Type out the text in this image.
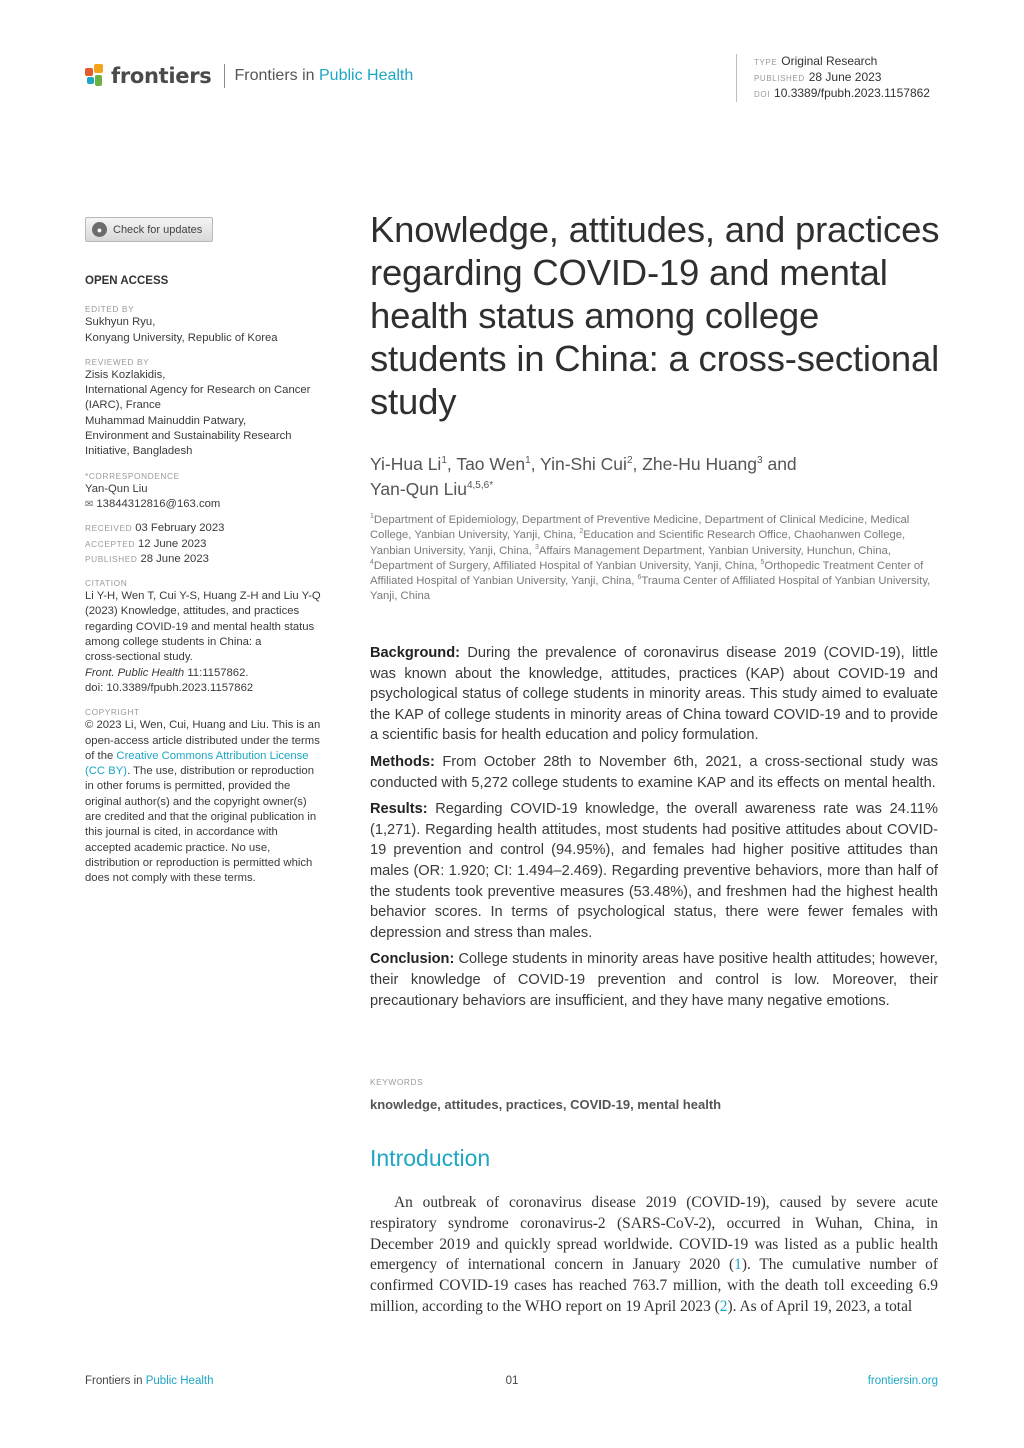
frontiers Frontiers in Public Health
TYPE Original Research
PUBLISHED 28 June 2023
DOI 10.3389/fpubh.2023.1157862
● Check for updates
OPEN ACCESS
EDITED BY
Sukhyun Ryu,
Konyang University, Republic of Korea
REVIEWED BY
Zisis Kozlakidis,
International Agency for Research on Cancer
(IARC), France
Muhammad Mainuddin Patwary,
Environment and Sustainability Research
Initiative, Bangladesh
*CORRESPONDENCE
Yan-Qun Liu
✉ 13844312816@163.com
RECEIVED 03 February 2023
ACCEPTED 12 June 2023
PUBLISHED 28 June 2023
CITATION
Li Y-H, Wen T, Cui Y-S, Huang Z-H and Liu Y-Q
(2023) Knowledge, attitudes, and practices
regarding COVID-19 and mental health status
among college students in China: a
cross-sectional study.
Front. Public Health 11:1157862.
doi: 10.3389/fpubh.2023.1157862
COPYRIGHT
© 2023 Li, Wen, Cui, Huang and Liu. This is an
open-access article distributed under the terms
of the Creative Commons Attribution License
(CC BY). The use, distribution or reproduction
in other forums is permitted, provided the
original author(s) and the copyright owner(s)
are credited and that the original publication in
this journal is cited, in accordance with
accepted academic practice. No use,
distribution or reproduction is permitted which
does not comply with these terms.
Knowledge, attitudes, and practices regarding COVID-19 and mental health status among college students in China: a cross-sectional study
Yi-Hua Li$^1$, Tao Wen$^1$, Yin-Shi Cui$^2$, Zhe-Hu Huang$^3$ and
Yan-Qun Liu$^{4,5,6*}$
$^1$Department of Epidemiology, Department of Preventive Medicine, Department of Clinical Medicine, Medical College, Yanbian University, Yanji, China, $^2$Education and Scientific Research Office, Chaohanwen College, Yanbian University, Yanji, China, $^3$Affairs Management Department, Yanbian University, Hunchun, China, $^4$Department of Surgery, Affiliated Hospital of Yanbian University, Yanji, China, $^5$Orthopedic Treatment Center of Affiliated Hospital of Yanbian University, Yanji, China, $^6$Trauma Center of Affiliated Hospital of Yanbian University, Yanji, China

Background: During the prevalence of coronavirus disease 2019 (COVID-19), little was known about the knowledge, attitudes, practices (KAP) about COVID-19 and psychological status of college students in minority areas. This study aimed to evaluate the KAP of college students in minority areas of China toward COVID-19 and to provide a scientific basis for health education and policy formulation.

Methods: From October 28th to November 6th, 2021, a cross-sectional study was conducted with 5,272 college students to examine KAP and its effects on mental health.

Results: Regarding COVID-19 knowledge, the overall awareness rate was 24.11% (1,271). Regarding health attitudes, most students had positive attitudes about COVID-19 prevention and control (94.95%), and females had higher positive attitudes than males (OR: 1.920; CI: 1.494–2.469). Regarding preventive behaviors, more than half of the students took preventive measures (53.48%), and freshmen had the highest health behavior scores. In terms of psychological status, there were fewer females with depression and stress than males.

Conclusion: College students in minority areas have positive health attitudes; however, their knowledge of COVID-19 prevention and control is low. Moreover, their precautionary behaviors are insufficient, and they have many negative emotions.

KEYWORDS
knowledge, attitudes, practices, COVID-19, mental health
Introduction

An outbreak of coronavirus disease 2019 (COVID-19), caused by severe acute respiratory syndrome coronavirus-2 (SARS-CoV-2), occurred in Wuhan, China, in December 2019 and quickly spread worldwide. COVID-19 was listed as a public health emergency of international concern in January 2020 (1). The cumulative number of confirmed COVID-19 cases has reached 763.7 million, with the death toll exceeding 6.9 million, according to the WHO report on 19 April 2023 (2). As of April 19, 2023, a total

Frontiers in Public Health	01	frontiersin.org
